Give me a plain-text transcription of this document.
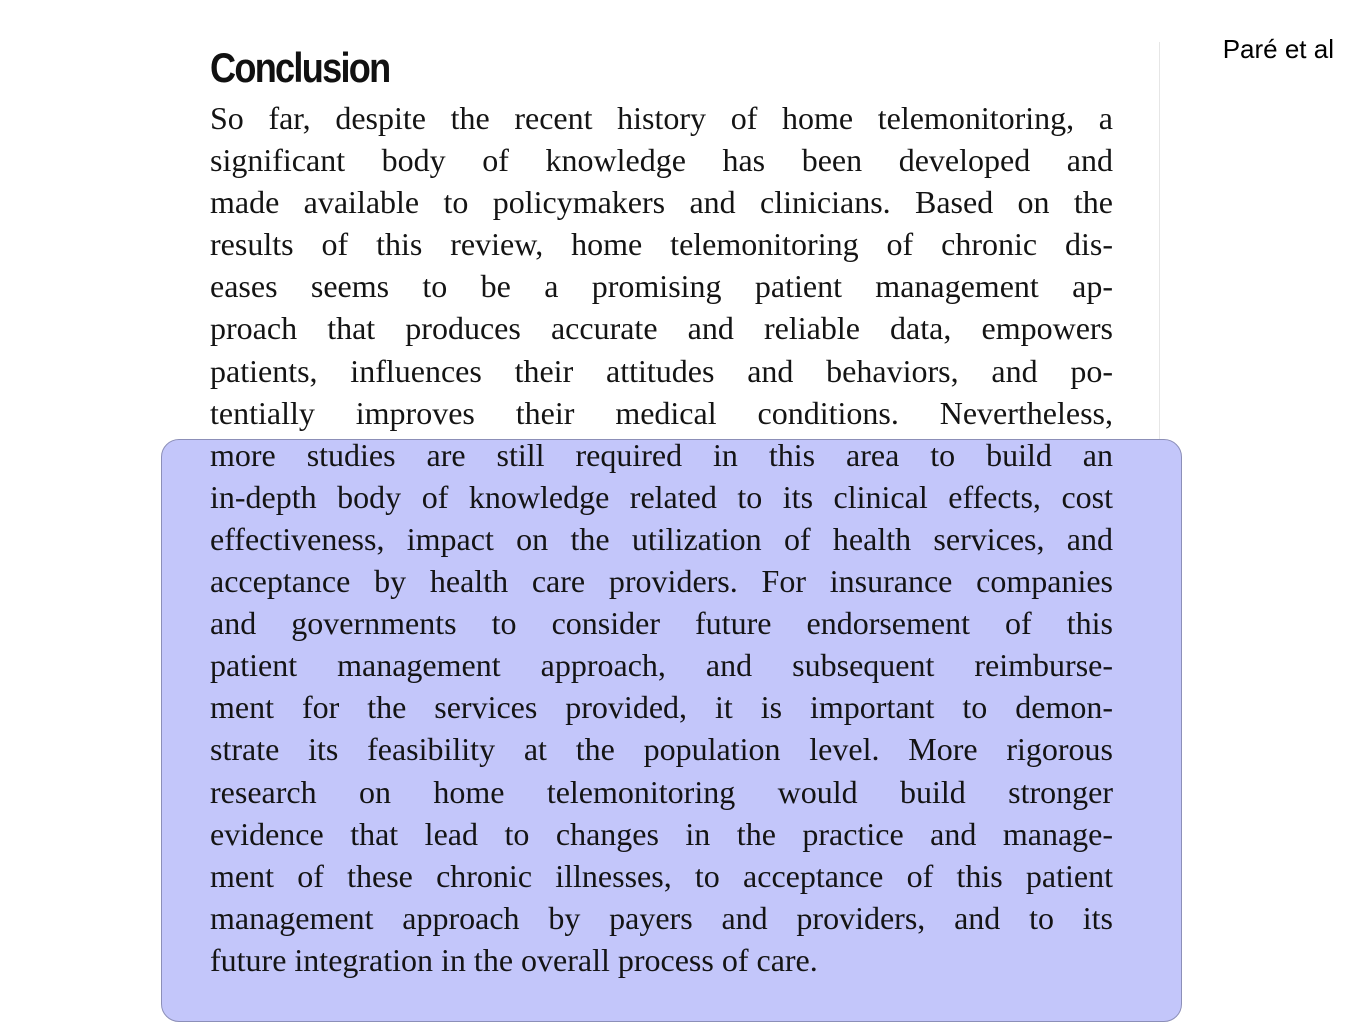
Paré et al
Conclusion
So far, despite the recent history of home telemonitoring, a
significant body of knowledge has been developed and
made available to policymakers and clinicians. Based on the
results of this review, home telemonitoring of chronic dis-
eases seems to be a promising patient management ap-
proach that produces accurate and reliable data, empowers
patients, influences their attitudes and behaviors, and po-
tentially improves their medical conditions. Nevertheless,
more studies are still required in this area to build an
in-depth body of knowledge related to its clinical effects, cost
effectiveness, impact on the utilization of health services, and
acceptance by health care providers. For insurance companies
and governments to consider future endorsement of this
patient management approach, and subsequent reimburse-
ment for the services provided, it is important to demon-
strate its feasibility at the population level. More rigorous
research on home telemonitoring would build stronger
evidence that lead to changes in the practice and manage-
ment of these chronic illnesses, to acceptance of this patient
management approach by payers and providers, and to its
future integration in the overall process of care.
